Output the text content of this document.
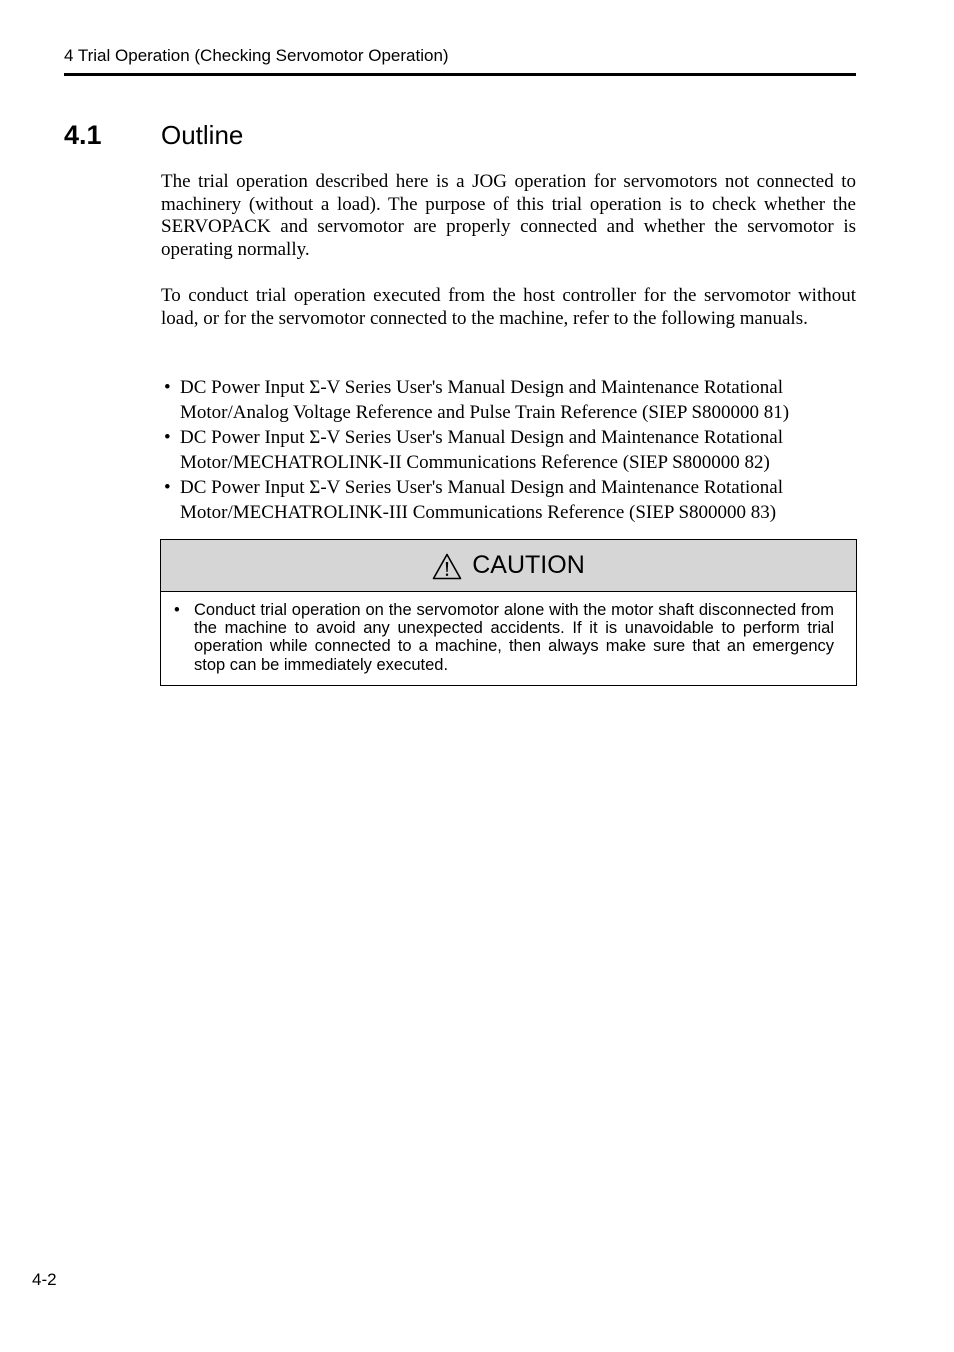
4 Trial Operation (Checking Servomotor Operation)
4.1 Outline

The trial operation described here is a JOG operation for servomotors not connected to machinery (without a load). The purpose of this trial operation is to check whether the SERVOPACK and servomotor are properly connected and whether the servomotor is operating normally.

To conduct trial operation executed from the host controller for the servomotor without load, or for the servomotor connected to the machine, refer to the following manuals.

• DC Power Input Σ-V Series User's Manual Design and Maintenance Rotational
Motor/Analog Voltage Reference and Pulse Train Reference (SIEP S800000 81)
• DC Power Input Σ-V Series User's Manual Design and Maintenance Rotational
Motor/MECHATROLINK-II Communications Reference (SIEP S800000 82)
• DC Power Input Σ-V Series User's Manual Design and Maintenance Rotational
Motor/MECHATROLINK-III Communications Reference (SIEP S800000 83)
CAUTION
• Conduct trial operation on the servomotor alone with the motor shaft disconnected from the machine to avoid any unexpected accidents. If it is unavoidable to perform trial operation while connected to a machine, then always make sure that an emergency stop can be immediately executed.
4-2
